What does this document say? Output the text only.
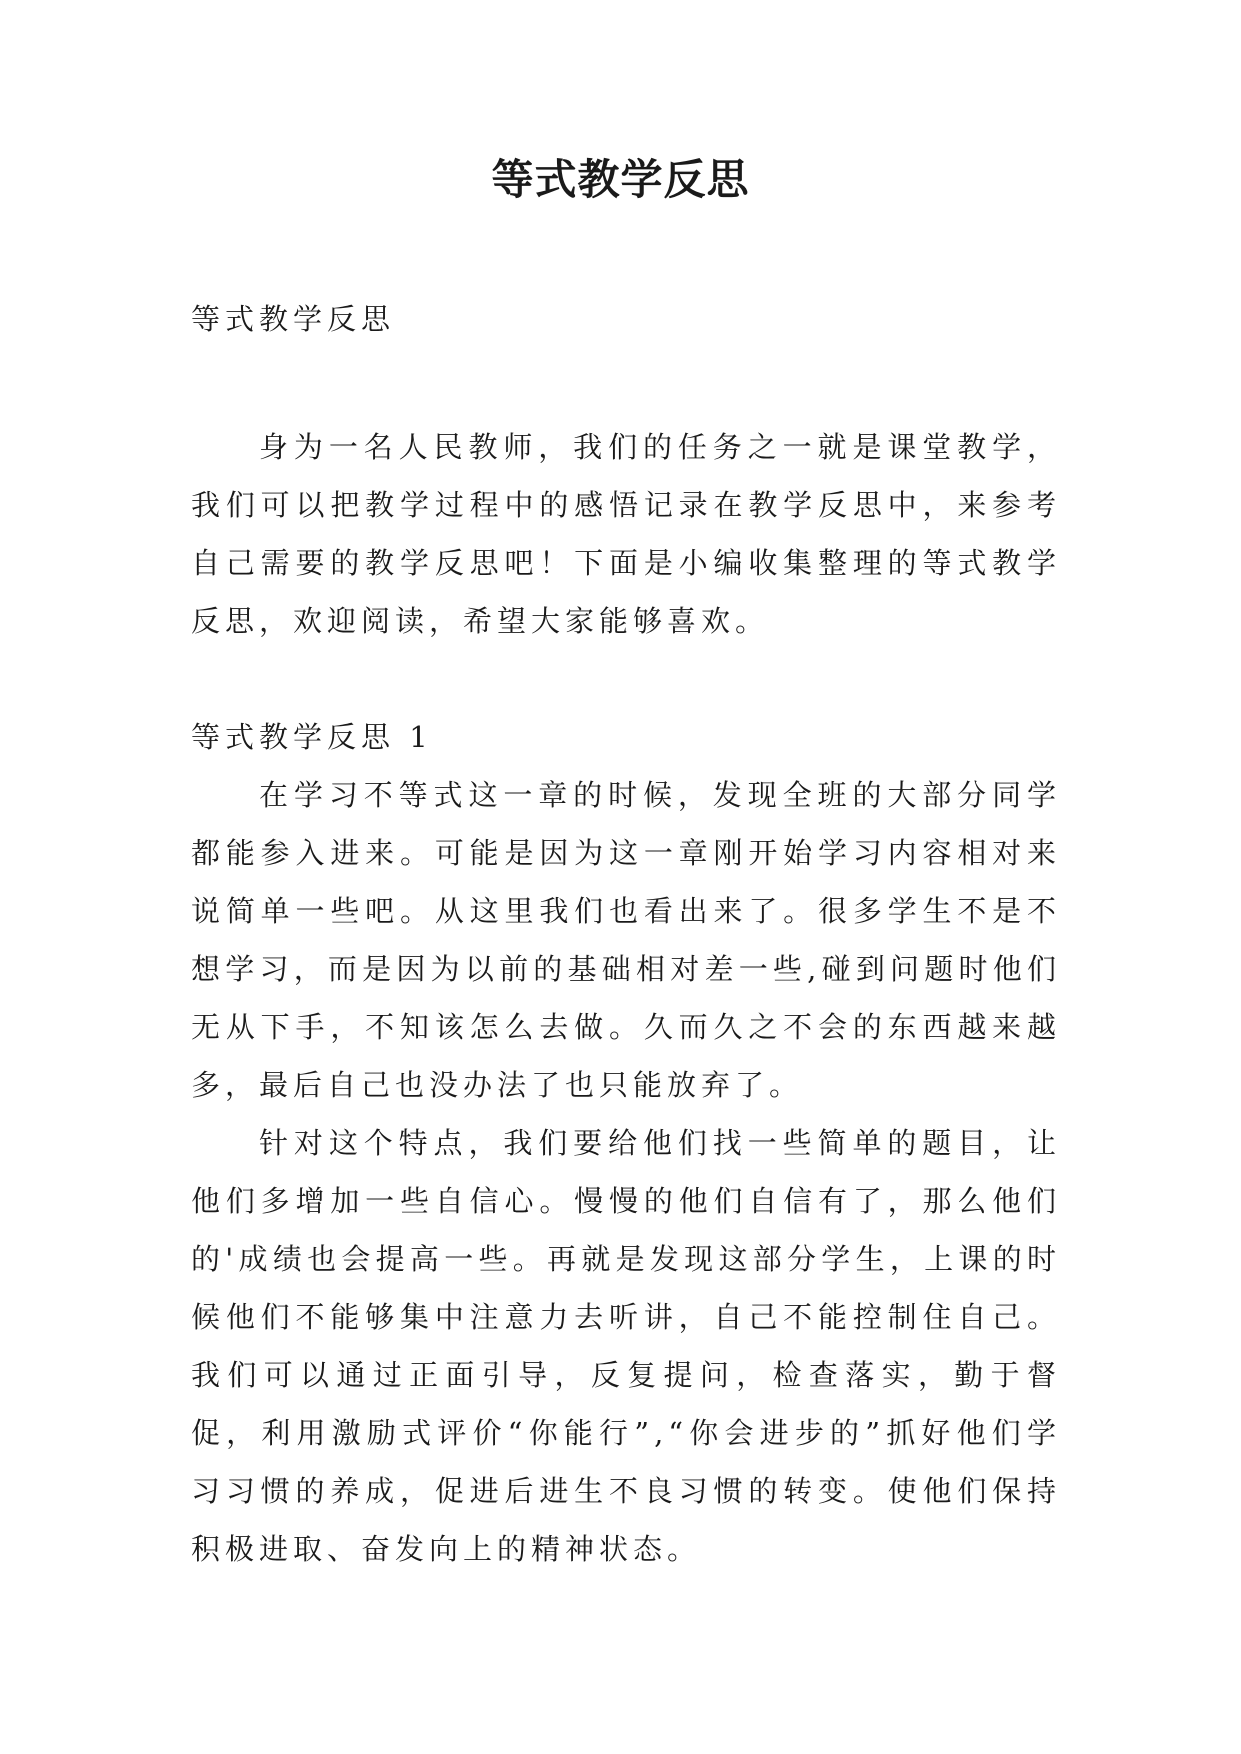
等式教学反思

等式教学反思

身为一名人民教师，我们的任务之一就是课堂教学，我们可以把教学过程中的感悟记录在教学反思中，来参考自己需要的教学反思吧！下面是小编收集整理的等式教学反思，欢迎阅读，希望大家能够喜欢。

等式教学反思 1

在学习不等式这一章的时候，发现全班的大部分同学都能参入进来。可能是因为这一章刚开始学习内容相对来说简单一些吧。从这里我们也看出来了。很多学生不是不想学习，而是因为以前的基础相对差一些,碰到问题时他们无从下手，不知该怎么去做。久而久之不会的东西越来越多，最后自己也没办法了也只能放弃了。

针对这个特点，我们要给他们找一些简单的题目，让他们多增加一些自信心。慢慢的他们自信有了，那么他们的'成绩也会提高一些。再就是发现这部分学生，上课的时候他们不能够集中注意力去听讲，自己不能控制住自己。我们可以通过正面引导，反复提问，检查落实，勤于督促，利用激励式评价“你能行”,“你会进步的”抓好他们学习习惯的养成，促进后进生不良习惯的转变。使他们保持积极进取、奋发向上的精神状态。
